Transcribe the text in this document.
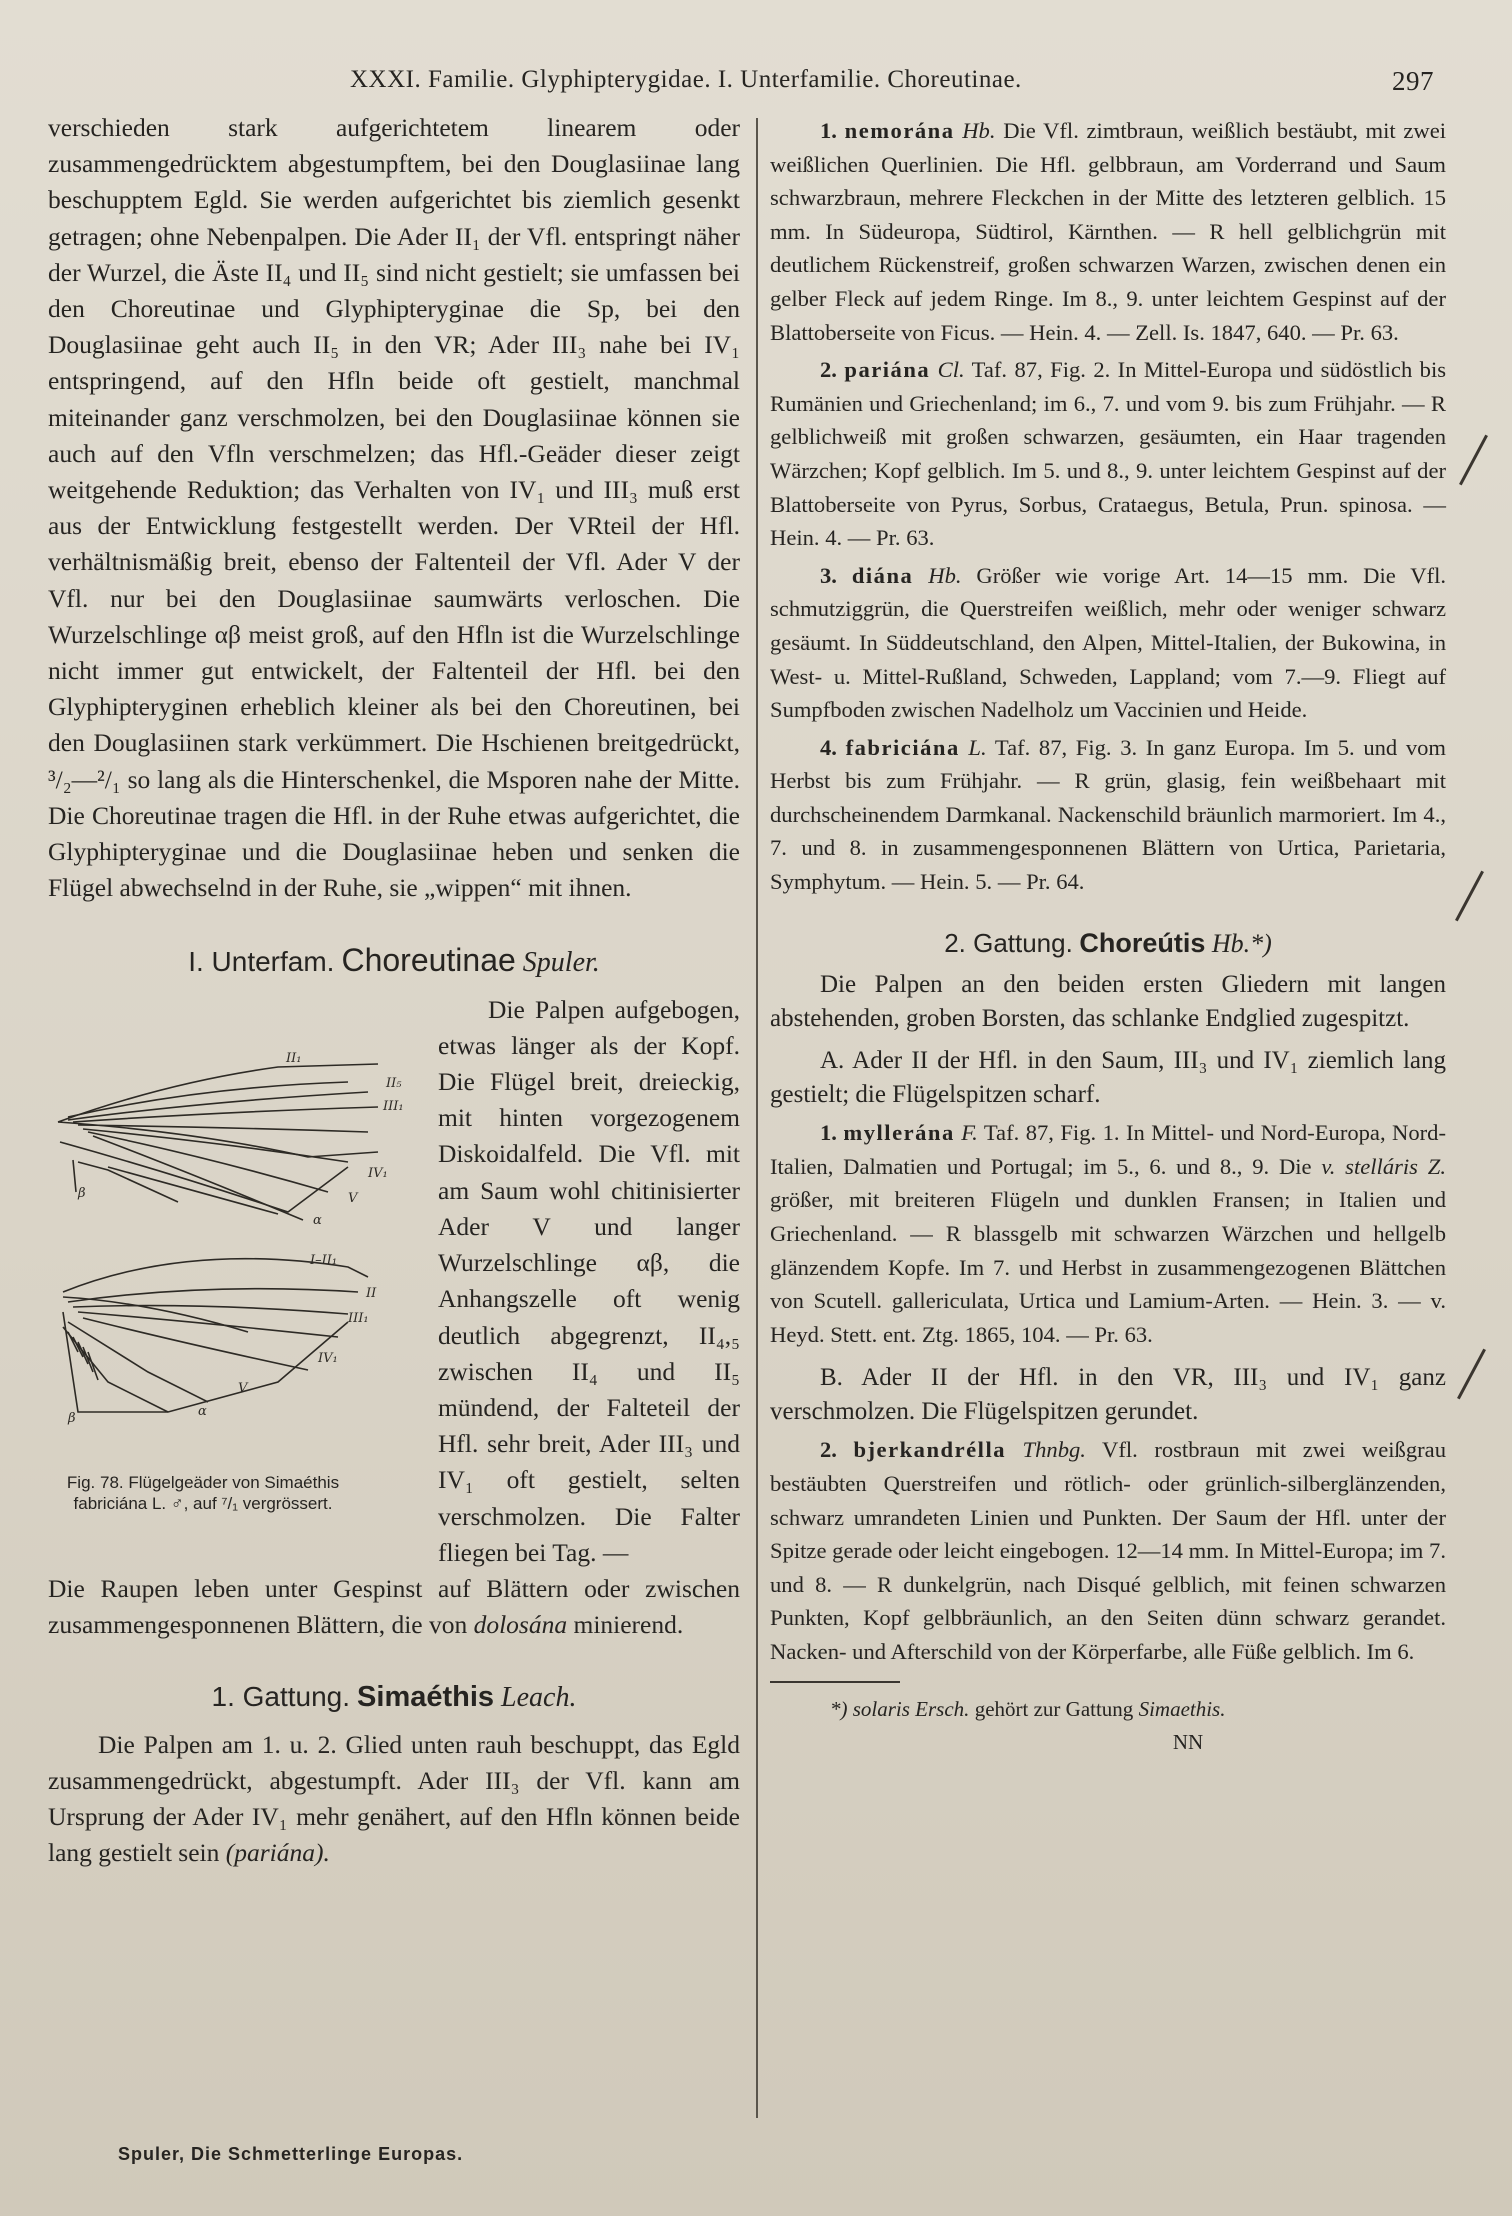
XXXI. Familie. Glyphipterygidae. I. Unterfamilie. Choreutinae.	297

verschieden stark aufgerichtetem linearem oder zusammengedrücktem abgestumpftem, bei den Douglasiinae lang beschupptem Egld. Sie werden aufgerichtet bis ziemlich gesenkt getragen; ohne Nebenpalpen. Die Ader II₁ der Vfl. entspringt näher der Wurzel, die Äste II₄ und II₅ sind nicht gestielt; sie umfassen bei den Choreutinae und Glyphipteryginae die Sp, bei den Douglasiinae geht auch II₅ in den VR; Ader III₃ nahe bei IV₁ entspringend, auf den Hfln beide oft gestielt, manchmal miteinander ganz verschmolzen, bei den Douglasiinae können sie auch auf den Vfln verschmelzen; das Hfl.-Geäder dieser zeigt weitgehende Reduktion; das Verhalten von IV₁ und III₃ muß erst aus der Entwicklung festgestellt werden. Der VRteil der Hfl. verhältnismäßig breit, ebenso der Faltenteil der Vfl. Ader V der Vfl. nur bei den Douglasiinae saumwärts verloschen. Die Wurzelschlinge αβ meist groß, auf den Hfln ist die Wurzelschlinge nicht immer gut entwickelt, der Faltenteil der Hfl. bei den Glyphipteryginen erheblich kleiner als bei den Choreutinen, bei den Douglasiinen stark verkümmert. Die Hschienen breitgedrückt, ³/₂—²/₁ so lang als die Hinterschenkel, die Msporen nahe der Mitte. Die Choreutinae tragen die Hfl. in der Ruhe etwas aufgerichtet, die Glyphipteryginae und die Douglasiinae heben und senken die Flügel abwechselnd in der Ruhe, sie „wippen“ mit ihnen.

I. Unterfam. Choreutinae Spuler.
II₁
II₅
III₁
IV₁
V
α
β
I–II₁
II
III₁
IV₁
V
α
β
Fig. 78. Flügelgeäder von Simaéthis fabriciána L. ♂, auf ⁷/₁ vergrössert.

Die Palpen aufgebogen, etwas länger als der Kopf. Die Flügel breit, dreieckig, mit hinten vorgezogenem Diskoidalfeld. Die Vfl. mit am Saum wohl chitinisierter Ader V und langer Wurzelschlinge αβ, die Anhangszelle oft wenig deutlich abgegrenzt, II₄,₅ zwischen II₄ und II₅ mündend, der Falteteil der Hfl. sehr breit, Ader III₃ und IV₁ oft gestielt, selten verschmolzen. Die Falter fliegen bei Tag. —

Die Raupen leben unter Gespinst auf Blättern oder zwischen zusammengesponnenen Blättern, die von dolosána minierend.

1. Gattung. Simaéthis Leach.

Die Palpen am 1. u. 2. Glied unten rauh beschuppt, das Egld zusammengedrückt, abgestumpft. Ader III₃ der Vfl. kann am Ursprung der Ader IV₁ mehr genähert, auf den Hfln können beide lang gestielt sein (pariána).

Spuler, Die Schmetterlinge Europas.

1. nemorána Hb. Die Vfl. zimtbraun, weißlich bestäubt, mit zwei weißlichen Querlinien. Die Hfl. gelbbraun, am Vorderrand und Saum schwarzbraun, mehrere Fleckchen in der Mitte des letzteren gelblich. 15 mm. In Südeuropa, Südtirol, Kärnthen. — R hell gelblichgrün mit deutlichem Rückenstreif, großen schwarzen Warzen, zwischen denen ein gelber Fleck auf jedem Ringe. Im 8., 9. unter leichtem Gespinst auf der Blattoberseite von Ficus. — Hein. 4. — Zell. Is. 1847, 640. — Pr. 63.

2. pariána Cl. Taf. 87, Fig. 2. In Mittel-Europa und südöstlich bis Rumänien und Griechenland; im 6., 7. und vom 9. bis zum Frühjahr. — R gelblichweiß mit großen schwarzen, gesäumten, ein Haar tragenden Wärzchen; Kopf gelblich. Im 5. und 8., 9. unter leichtem Gespinst auf der Blattoberseite von Pyrus, Sorbus, Crataegus, Betula, Prun. spinosa. — Hein. 4. — Pr. 63.

3. diána Hb. Größer wie vorige Art. 14—15 mm. Die Vfl. schmutziggrün, die Querstreifen weißlich, mehr oder weniger schwarz gesäumt. In Süddeutschland, den Alpen, Mittel-Italien, der Bukowina, in West- u. Mittel-Rußland, Schweden, Lappland; vom 7.—9. Fliegt auf Sumpfboden zwischen Nadelholz um Vaccinien und Heide.

4. fabriciána L. Taf. 87, Fig. 3. In ganz Europa. Im 5. und vom Herbst bis zum Frühjahr. — R grün, glasig, fein weißbehaart mit durchscheinendem Darmkanal. Nackenschild bräunlich marmoriert. Im 4., 7. und 8. in zusammengesponnenen Blättern von Urtica, Parietaria, Symphytum. — Hein. 5. — Pr. 64.

2. Gattung. Choreútis Hb.*)

Die Palpen an den beiden ersten Gliedern mit langen abstehenden, groben Borsten, das schlanke Endglied zugespitzt.

A. Ader II der Hfl. in den Saum, III₃ und IV₁ ziemlich lang gestielt; die Flügelspitzen scharf.

1. myllerána F. Taf. 87, Fig. 1. In Mittel- und Nord-Europa, Nord-Italien, Dalmatien und Portugal; im 5., 6. und 8., 9. Die v. stelláris Z. größer, mit breiteren Flügeln und dunklen Fransen; in Italien und Griechenland. — R blassgelb mit schwarzen Wärzchen und hellgelb glänzendem Kopfe. Im 7. und Herbst in zusammengezogenen Blättchen von Scutell. gallericulata, Urtica und Lamium-Arten. — Hein. 3. — v. Heyd. Stett. ent. Ztg. 1865, 104. — Pr. 63.

B. Ader II der Hfl. in den VR, III₃ und IV₁ ganz verschmolzen. Die Flügelspitzen gerundet.

2. bjerkandrélla Thnbg. Vfl. rostbraun mit zwei weißgrau bestäubten Querstreifen und rötlich- oder grünlich-silberglänzenden, schwarz umrandeten Linien und Punkten. Der Saum der Hfl. unter der Spitze gerade oder leicht eingebogen. 12—14 mm. In Mittel-Europa; im 7. und 8. — R dunkelgrün, nach Disqué gelblich, mit feinen schwarzen Punkten, Kopf gelbbräunlich, an den Seiten dünn schwarz gerandet. Nacken- und Afterschild von der Körperfarbe, alle Füße gelblich. Im 6.

*) solaris Ersch. gehört zur Gattung Simaethis.

NN
